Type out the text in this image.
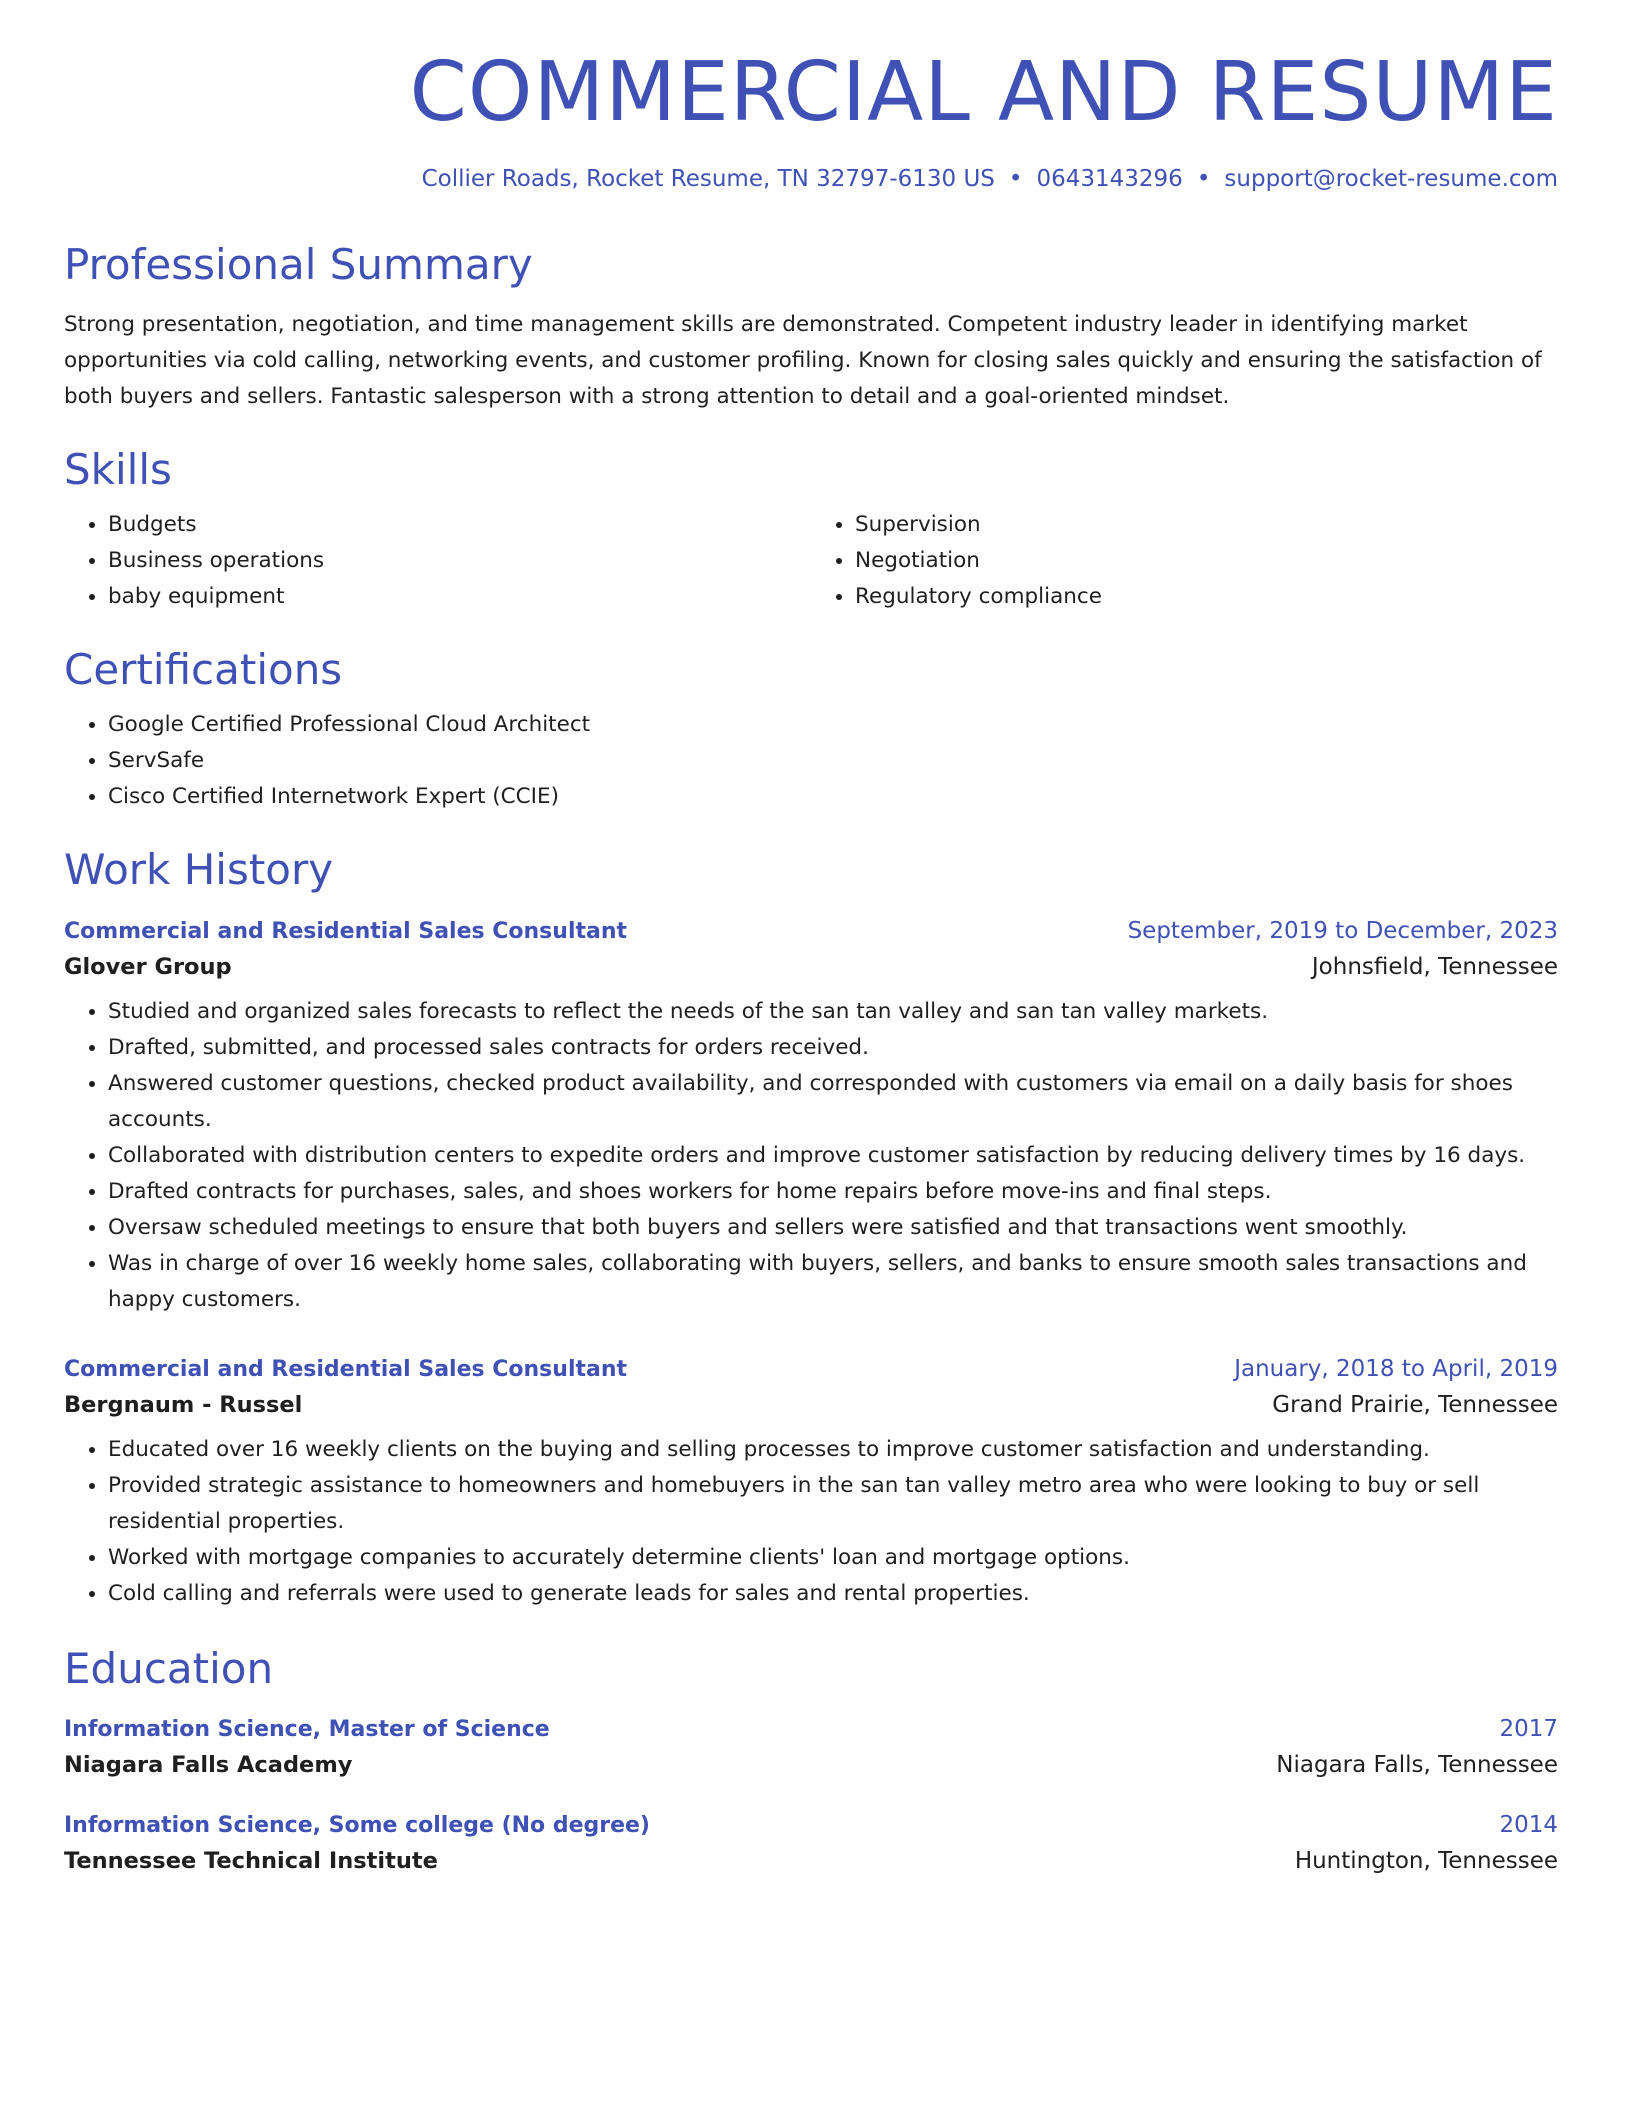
COMMERCIAL AND RESUME
Collier Roads, Rocket Resume, TN 32797-6130 US • 0643143296 • support@rocket-resume.com
Professional Summary
Strong presentation, negotiation, and time management skills are demonstrated. Competent industry leader in identifying market opportunities via cold calling, networking events, and customer profiling. Known for closing sales quickly and ensuring the satisfaction of both buyers and sellers. Fantastic salesperson with a strong attention to detail and a goal-oriented mindset.
Skills
• Budgets
• Business operations
• baby equipment
• Supervision
• Negotiation
• Regulatory compliance
Certifications
• Google Certified Professional Cloud Architect
• ServSafe
• Cisco Certified Internetwork Expert (CCIE)
Work History
Commercial and Residential Sales Consultant	September, 2019 to December, 2023
Glover Group	Johnsfield, Tennessee
• Studied and organized sales forecasts to reflect the needs of the san tan valley and san tan valley markets.
• Drafted, submitted, and processed sales contracts for orders received.
• Answered customer questions, checked product availability, and corresponded with customers via email on a daily basis for shoes accounts.
• Collaborated with distribution centers to expedite orders and improve customer satisfaction by reducing delivery times by 16 days.
• Drafted contracts for purchases, sales, and shoes workers for home repairs before move-ins and final steps.
• Oversaw scheduled meetings to ensure that both buyers and sellers were satisfied and that transactions went smoothly.
• Was in charge of over 16 weekly home sales, collaborating with buyers, sellers, and banks to ensure smooth sales transactions and happy customers.
Commercial and Residential Sales Consultant	January, 2018 to April, 2019
Bergnaum - Russel	Grand Prairie, Tennessee
• Educated over 16 weekly clients on the buying and selling processes to improve customer satisfaction and understanding.
• Provided strategic assistance to homeowners and homebuyers in the san tan valley metro area who were looking to buy or sell residential properties.
• Worked with mortgage companies to accurately determine clients' loan and mortgage options.
• Cold calling and referrals were used to generate leads for sales and rental properties.
Education
Information Science, Master of Science	2017
Niagara Falls Academy	Niagara Falls, Tennessee
Information Science, Some college (No degree)	2014
Tennessee Technical Institute	Huntington, Tennessee
